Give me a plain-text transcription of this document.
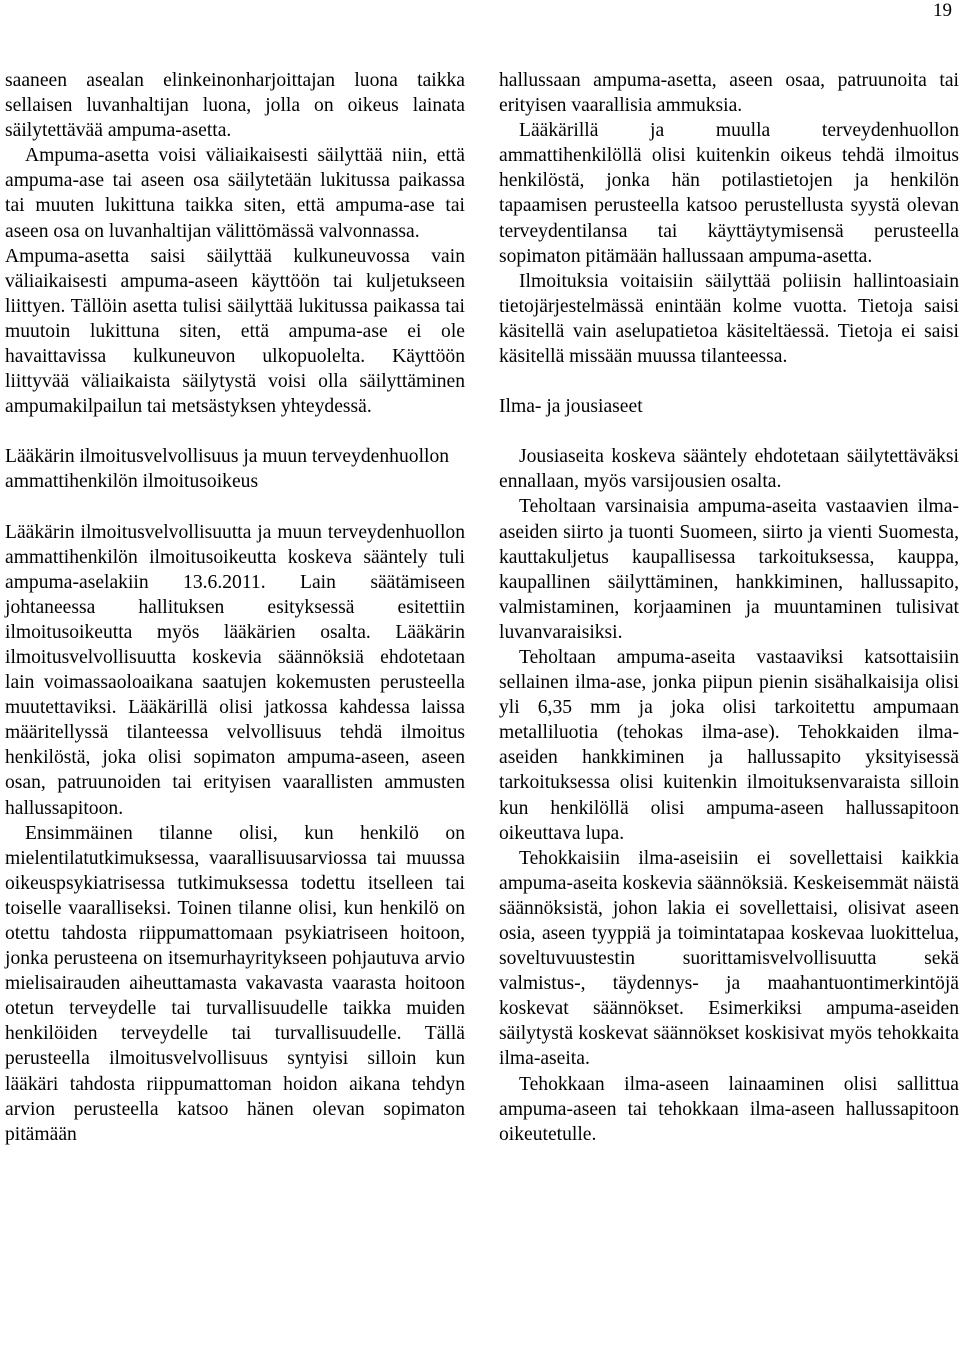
19

saaneen asealan elinkeinonharjoittajan luona taikka sellaisen luvanhaltijan luona, jolla on oikeus lainata säilytettävää ampuma-asetta.

Ampuma-asetta voisi väliaikaisesti säilyttää niin, että ampuma-ase tai aseen osa säilytetään lukitussa paikassa tai muuten lukittuna taikka siten, että ampuma-ase tai aseen osa on luvanhaltijan välittömässä valvonnassa.

Ampuma-asetta saisi säilyttää kulkuneuvossa vain väliaikaisesti ampuma-aseen käyttöön tai kuljetukseen liittyen. Tällöin asetta tulisi säilyttää lukitussa paikassa tai muutoin lukittuna siten, että ampuma-ase ei ole havaittavissa kulkuneuvon ulkopuolelta. Käyttöön liittyvää väliaikaista säilytystä voisi olla säilyttäminen ampumakilpailun tai metsästyksen yhteydessä.

Lääkärin ilmoitusvelvollisuus ja muun terveydenhuollon ammattihenkilön ilmoitusoikeus

Lääkärin ilmoitusvelvollisuutta ja muun terveydenhuollon ammattihenkilön ilmoitusoikeutta koskeva sääntely tuli ampuma-aselakiin 13.6.2011. Lain säätämiseen johtaneessa hallituksen esityksessä esitettiin ilmoitusoikeutta myös lääkärien osalta. Lääkärin ilmoitusvelvollisuutta koskevia säännöksiä ehdotetaan lain voimassaoloaikana saatujen kokemusten perusteella muutettaviksi. Lääkärillä olisi jatkossa kahdessa laissa määritellyssä tilanteessa velvollisuus tehdä ilmoitus henkilöstä, joka olisi sopimaton ampuma-aseen, aseen osan, patruunoiden tai erityisen vaarallisten ammusten hallussapitoon.

Ensimmäinen tilanne olisi, kun henkilö on mielentilatutkimuksessa, vaarallisuusarviossa tai muussa oikeuspsykiatrisessa tutkimuksessa todettu itselleen tai toiselle vaaralliseksi. Toinen tilanne olisi, kun henkilö on otettu tahdosta riippumattomaan psykiatriseen hoitoon, jonka perusteena on itsemurhayritykseen pohjautuva arvio mielisairauden aiheuttamasta vakavasta vaarasta hoitoon otetun terveydelle tai turvallisuudelle taikka muiden henkilöiden terveydelle tai turvallisuudelle. Tällä perusteella ilmoitusvelvollisuus syntyisi silloin kun lääkäri tahdosta riippumattoman hoidon aikana tehdyn arvion perusteella katsoo hänen olevan sopimaton pitämään

hallussaan ampuma-asetta, aseen osaa, patruunoita tai erityisen vaarallisia ammuksia.

Lääkärillä ja muulla terveydenhuollon ammattihenkilöllä olisi kuitenkin oikeus tehdä ilmoitus henkilöstä, jonka hän potilastietojen ja henkilön tapaamisen perusteella katsoo perustellusta syystä olevan terveydentilansa tai käyttäytymisensä perusteella sopimaton pitämään hallussaan ampuma-asetta.

Ilmoituksia voitaisiin säilyttää poliisin hallintoasiain tietojärjestelmässä enintään kolme vuotta. Tietoja saisi käsitellä vain aselupatietoa käsiteltäessä. Tietoja ei saisi käsitellä missään muussa tilanteessa.

Ilma- ja jousiaseet

Jousiaseita koskeva sääntely ehdotetaan säilytettäväksi ennallaan, myös varsijousien osalta.

Teholtaan varsinaisia ampuma-aseita vastaavien ilma-aseiden siirto ja tuonti Suomeen, siirto ja vienti Suomesta, kauttakuljetus kaupallisessa tarkoituksessa, kauppa, kaupallinen säilyttäminen, hankkiminen, hallussapito, valmistaminen, korjaaminen ja muuntaminen tulisivat luvanvaraisiksi.

Teholtaan ampuma-aseita vastaaviksi katsottaisiin sellainen ilma-ase, jonka piipun pienin sisähalkaisija olisi yli 6,35 mm ja joka olisi tarkoitettu ampumaan metalliluotia (tehokas ilma-ase). Tehokkaiden ilma-aseiden hankkiminen ja hallussapito yksityisessä tarkoituksessa olisi kuitenkin ilmoituksenvaraista silloin kun henkilöllä olisi ampuma-aseen hallussapitoon oikeuttava lupa.

Tehokkaisiin ilma-aseisiin ei sovellettaisi kaikkia ampuma-aseita koskevia säännöksiä. Keskeisemmät näistä säännöksistä, johon lakia ei sovellettaisi, olisivat aseen osia, aseen tyyppiä ja toimintatapaa koskevaa luokittelua, soveltuvuustestin suorittamisvelvollisuutta sekä valmistus-, täydennys- ja maahantuontimerkintöjä koskevat säännökset. Esimerkiksi ampuma-aseiden säilytystä koskevat säännökset koskisivat myös tehokkaita ilma-aseita.

Tehokkaan ilma-aseen lainaaminen olisi sallittua ampuma-aseen tai tehokkaan ilma-aseen hallussapitoon oikeutetulle.
